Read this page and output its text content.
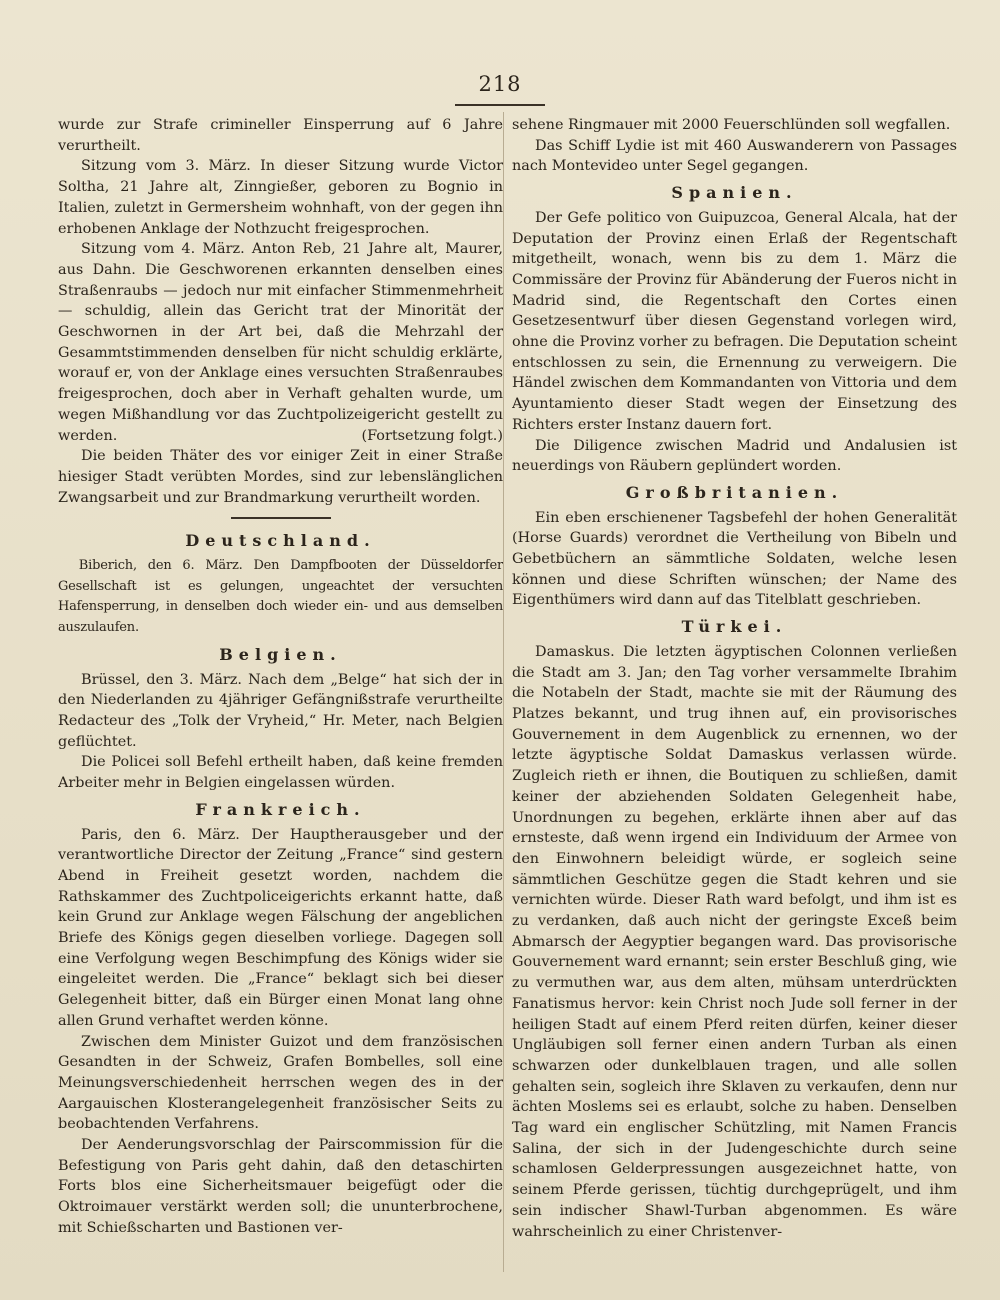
218

wurde zur Strafe crimineller Einsperrung auf 6 Jahre verurtheilt.

Sitzung vom 3. März. In dieser Sitzung wurde Victor Soltha, 21 Jahre alt, Zinngießer, geboren zu Bognio in Italien, zuletzt in Germersheim wohnhaft, von der gegen ihn erhobenen Anklage der Nothzucht freigesprochen.

Sitzung vom 4. März. Anton Reb, 21 Jahre alt, Maurer, aus Dahn. Die Geschworenen erkannten denselben eines Straßenraubs — jedoch nur mit einfacher Stimmenmehrheit — schuldig, allein das Gericht trat der Minorität der Geschwornen in der Art bei, daß die Mehrzahl der Gesammtstimmenden denselben für nicht schuldig erklärte, worauf er, von der Anklage eines versuchten Straßenraubes freigesprochen, doch aber in Verhaft gehalten wurde, um wegen Mißhandlung vor das Zuchtpolizeigericht gestellt zu werden.	(Fortsetzung folgt.)

Die beiden Thäter des vor einiger Zeit in einer Straße hiesiger Stadt verübten Mordes, sind zur lebenslänglichen Zwangsarbeit und zur Brandmarkung verurtheilt worden.

Deutschland.

Biberich, den 6. März. Den Dampfbooten der Düsseldorfer Gesellschaft ist es gelungen, ungeachtet der versuchten Hafensperrung, in denselben doch wieder ein- und aus demselben auszulaufen.

Belgien.

Brüssel, den 3. März. Nach dem „Belge“ hat sich der in den Niederlanden zu 4jähriger Gefängnißstrafe verurtheilte Redacteur des „Tolk der Vryheid,“ Hr. Meter, nach Belgien geflüchtet.

Die Policei soll Befehl ertheilt haben, daß keine fremden Arbeiter mehr in Belgien eingelassen würden.

Frankreich.

Paris, den 6. März. Der Hauptherausgeber und der verantwortliche Director der Zeitung „France“ sind gestern Abend in Freiheit gesetzt worden, nachdem die Rathskammer des Zuchtpoliceigerichts erkannt hatte, daß kein Grund zur Anklage wegen Fälschung der angeblichen Briefe des Königs gegen dieselben vorliege. Dagegen soll eine Verfolgung wegen Beschimpfung des Königs wider sie eingeleitet werden. Die „France“ beklagt sich bei dieser Gelegenheit bitter, daß ein Bürger einen Monat lang ohne allen Grund verhaftet werden könne.

Zwischen dem Minister Guizot und dem französischen Gesandten in der Schweiz, Grafen Bombelles, soll eine Meinungsverschiedenheit herrschen wegen des in der Aargauischen Klosterangelegenheit französischer Seits zu beobachtenden Verfahrens.

Der Aenderungsvorschlag der Pairscommission für die Befestigung von Paris geht dahin, daß den detaschirten Forts blos eine Sicherheitsmauer beigefügt oder die Oktroimauer verstärkt werden soll; die ununterbrochene, mit Schießscharten und Bastionen ver-

sehene Ringmauer mit 2000 Feuerschlünden soll wegfallen.

Das Schiff Lydie ist mit 460 Auswanderern von Passages nach Montevideo unter Segel gegangen.

Spanien.

Der Gefe politico von Guipuzcoa, General Alcala, hat der Deputation der Provinz einen Erlaß der Regentschaft mitgetheilt, wonach, wenn bis zu dem 1. März die Commissäre der Provinz für Abänderung der Fueros nicht in Madrid sind, die Regentschaft den Cortes einen Gesetzesentwurf über diesen Gegenstand vorlegen wird, ohne die Provinz vorher zu befragen. Die Deputation scheint entschlossen zu sein, die Ernennung zu verweigern. Die Händel zwischen dem Kommandanten von Vittoria und dem Ayuntamiento dieser Stadt wegen der Einsetzung des Richters erster Instanz dauern fort.

Die Diligence zwischen Madrid und Andalusien ist neuerdings von Räubern geplündert worden.

Großbritanien.

Ein eben erschienener Tagsbefehl der hohen Generalität (Horse Guards) verordnet die Vertheilung von Bibeln und Gebetbüchern an sämmtliche Soldaten, welche lesen können und diese Schriften wünschen; der Name des Eigenthümers wird dann auf das Titelblatt geschrieben.

Türkei.

Damaskus. Die letzten ägyptischen Colonnen verließen die Stadt am 3. Jan; den Tag vorher versammelte Ibrahim die Notabeln der Stadt, machte sie mit der Räumung des Platzes bekannt, und trug ihnen auf, ein provisorisches Gouvernement in dem Augenblick zu ernennen, wo der letzte ägyptische Soldat Damaskus verlassen würde. Zugleich rieth er ihnen, die Boutiquen zu schließen, damit keiner der abziehenden Soldaten Gelegenheit habe, Unordnungen zu begehen, erklärte ihnen aber auf das ernsteste, daß wenn irgend ein Individuum der Armee von den Einwohnern beleidigt würde, er sogleich seine sämmtlichen Geschütze gegen die Stadt kehren und sie vernichten würde. Dieser Rath ward befolgt, und ihm ist es zu verdanken, daß auch nicht der geringste Exceß beim Abmarsch der Aegyptier begangen ward. Das provisorische Gouvernement ward ernannt; sein erster Beschluß ging, wie zu vermuthen war, aus dem alten, mühsam unterdrückten Fanatismus hervor: kein Christ noch Jude soll ferner in der heiligen Stadt auf einem Pferd reiten dürfen, keiner dieser Ungläubigen soll ferner einen andern Turban als einen schwarzen oder dunkelblauen tragen, und alle sollen gehalten sein, sogleich ihre Sklaven zu verkaufen, denn nur ächten Moslems sei es erlaubt, solche zu haben. Denselben Tag ward ein englischer Schützling, mit Namen Francis Salina, der sich in der Judengeschichte durch seine schamlosen Gelderpressungen ausgezeichnet hatte, von seinem Pferde gerissen, tüchtig durchgeprügelt, und ihm sein indischer Shawl-Turban abgenommen. Es wäre wahrscheinlich zu einer Christenver-
